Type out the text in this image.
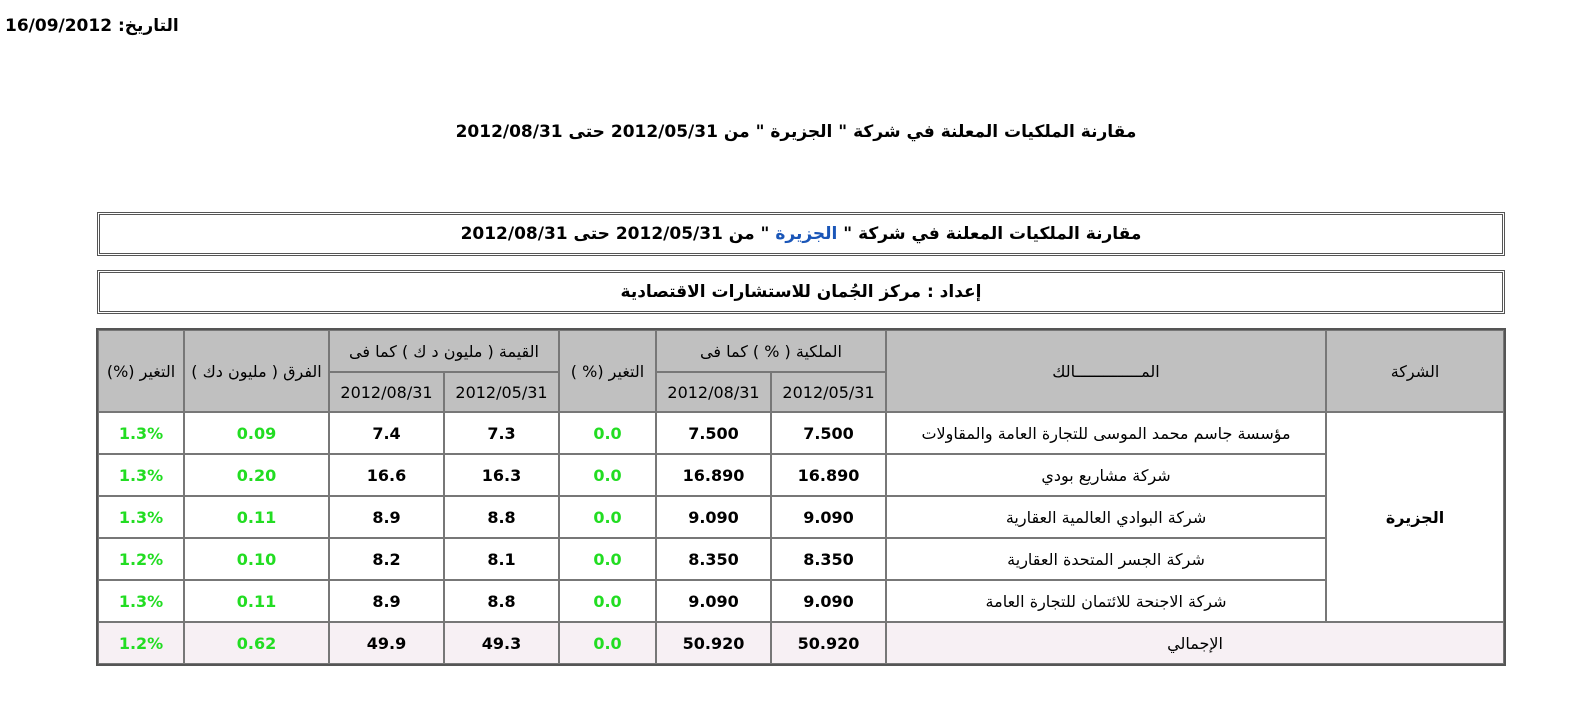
التاريخ: 16/09/2012
مقارنة الملكيات المعلنة في شركة " الجزيرة " من 2012/05/31 حتى 2012/08/31
مقارنة الملكيات المعلنة في شركة " الجزيرة " من 2012/05/31 حتى 2012/08/31
إعداد : مركز الجُمان للاستشارات الاقتصادية
الشركة	المــــــــــــــالك	الملكية ( % ) كما فى		التغير (% )	القيمة ( مليون د ك ) كما فى		الفرق ( مليون دك )	التغير (%)
		2012/05/31	2012/08/31		2012/05/31	2012/08/31		
الجزيرة	مؤسسة جاسم محمد الموسى للتجارة العامة والمقاولات	7.500	7.500	0.0	7.3	7.4	0.09	1.3%
	شركة مشاريع بودي	16.890	16.890	0.0	16.3	16.6	0.20	1.3%
	شركة البوادي العالمية العقارية	9.090	9.090	0.0	8.8	8.9	0.11	1.3%
	شركة الجسر المتحدة العقارية	8.350	8.350	0.0	8.1	8.2	0.10	1.2%
	شركة الاجنحة للائتمان للتجارة العامة	9.090	9.090	0.0	8.8	8.9	0.11	1.3%
الإجمالي		50.920	50.920	0.0	49.3	49.9	0.62	1.2%
